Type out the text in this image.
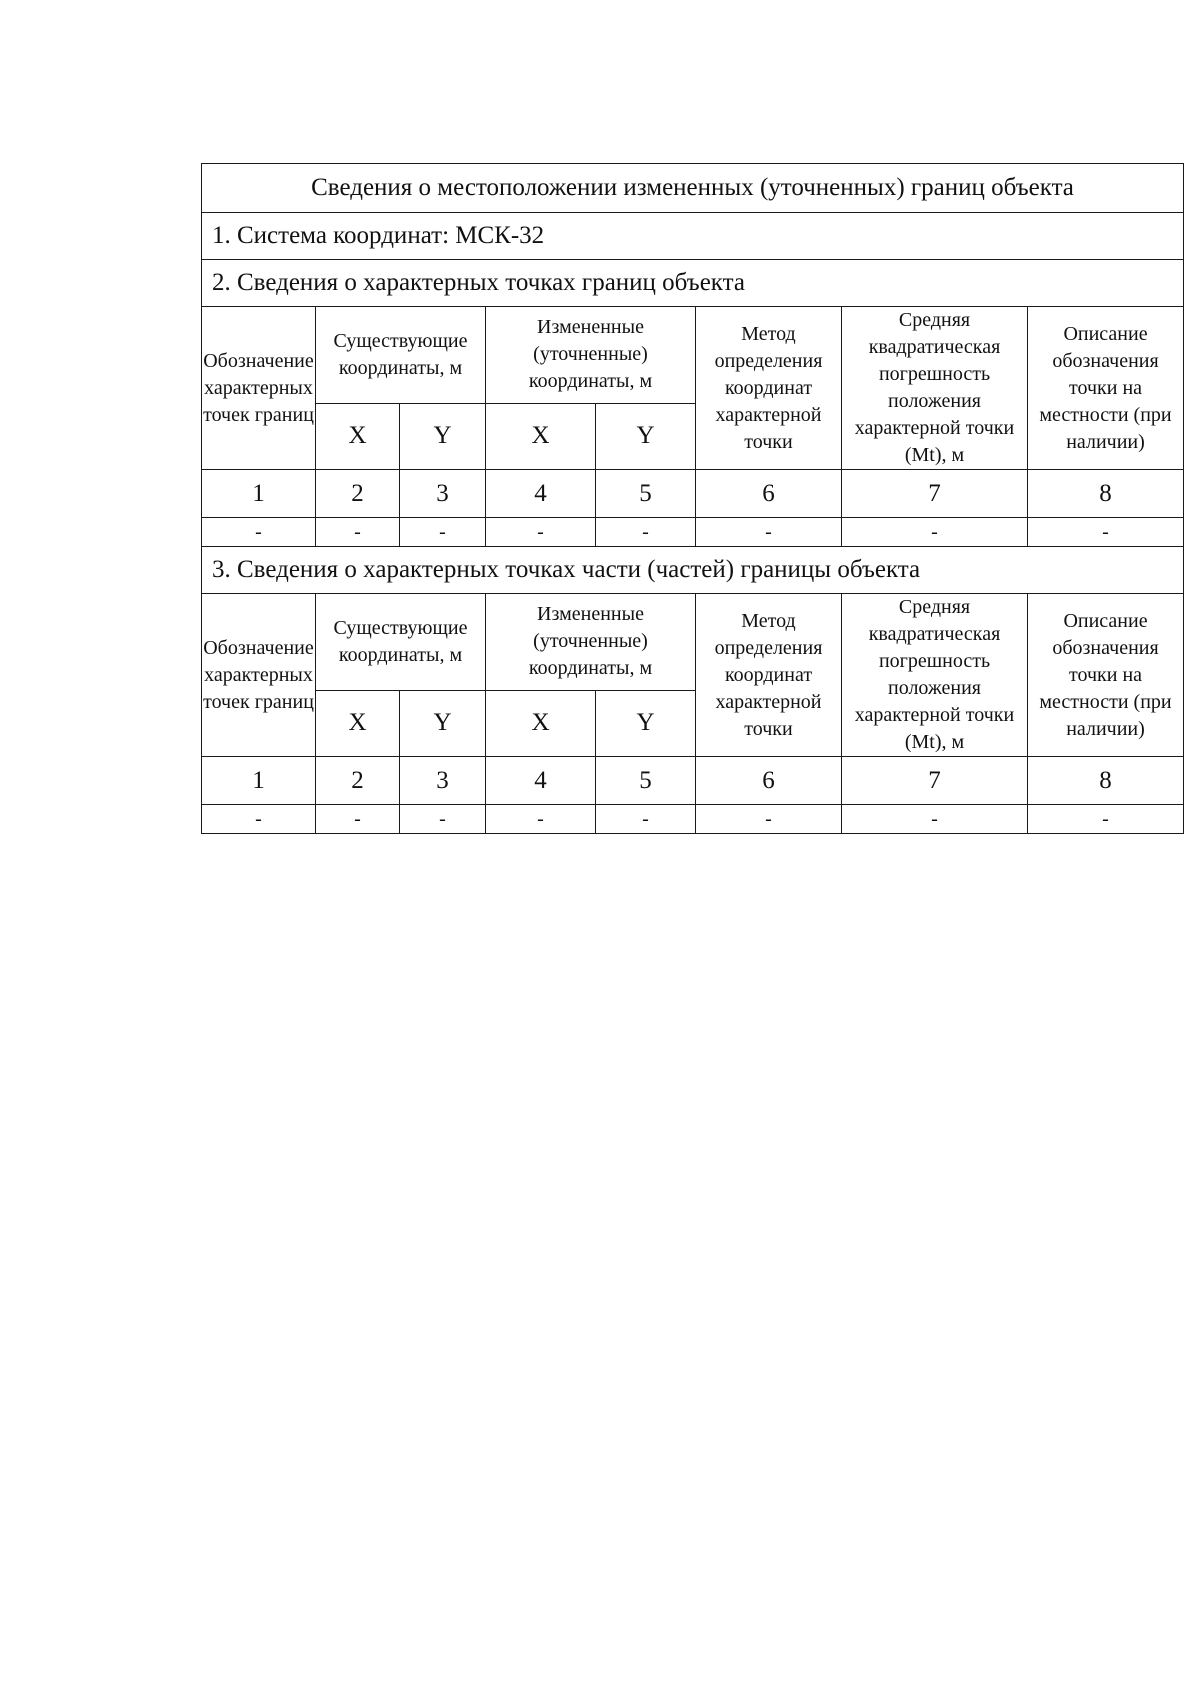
Сведения о местоположении измененных (уточненных) границ объекта							
1. Система координат: МСК-32							
2. Сведения о характерных точках границ объекта							
Обозначение характерных точек границ	Существующие координаты, м		Измененные (уточненные) координаты, м		Метод определения координат характерной точки	Средняя квадратическая погрешность положения характерной точки (Mt), м	Описание обозначения точки на местности (при наличии)
	X	Y	X	Y			
1	2	3	4	5	6	7	8
-	-	-	-	-	-	-	-
3. Сведения о характерных точках части (частей) границы объекта							
Обозначение характерных точек границ	Существующие координаты, м		Измененные (уточненные) координаты, м		Метод определения координат характерной точки	Средняя квадратическая погрешность положения характерной точки (Mt), м	Описание обозначения точки на местности (при наличии)
	X	Y	X	Y			
1	2	3	4	5	6	7	8
-	-	-	-	-	-	-	-
